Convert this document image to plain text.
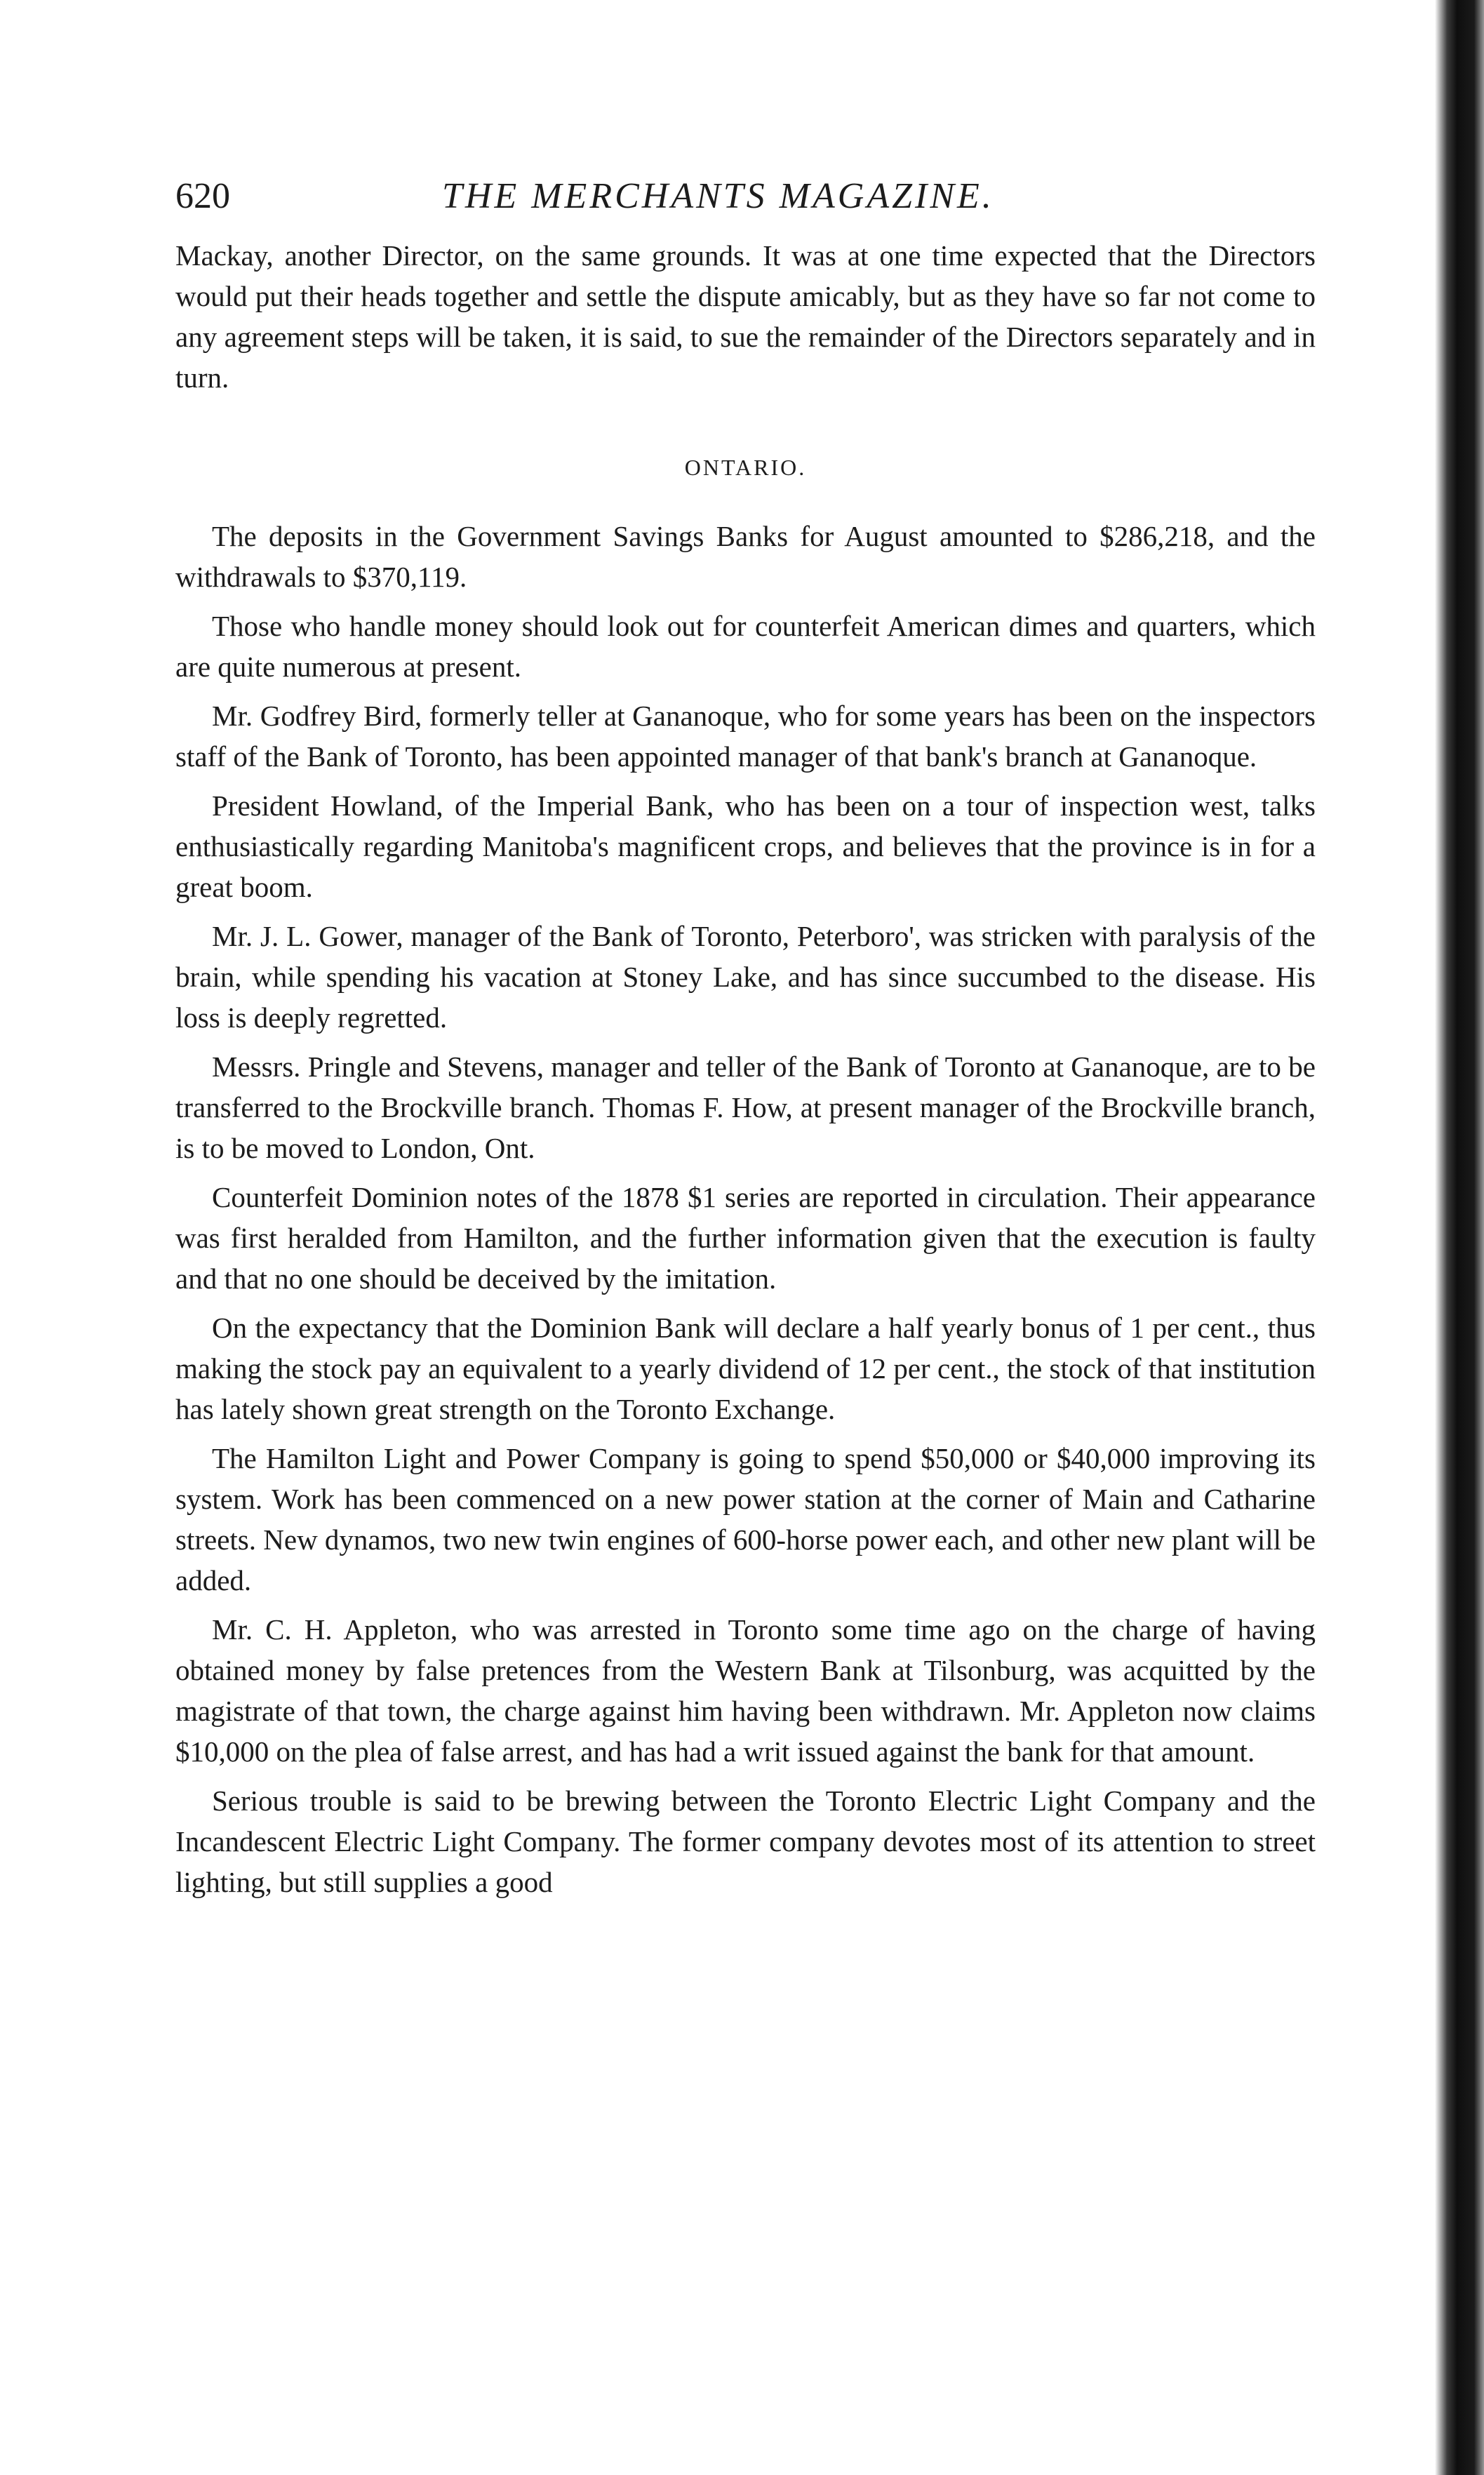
620	THE MERCHANTS MAGAZINE.

Mackay, another Director, on the same grounds. It was at one time expected that the Directors would put their heads together and settle the dispute amicably, but as they have so far not come to any agreement steps will be taken, it is said, to sue the remainder of the Directors separately and in turn.

ONTARIO.

The deposits in the Government Savings Banks for August amounted to $286,218, and the withdrawals to $370,119.

Those who handle money should look out for counterfeit American dimes and quarters, which are quite numerous at present.

Mr. Godfrey Bird, formerly teller at Gananoque, who for some years has been on the inspectors staff of the Bank of Toronto, has been appointed manager of that bank's branch at Gananoque.

President Howland, of the Imperial Bank, who has been on a tour of inspection west, talks enthusiastically regarding Manitoba's magnificent crops, and believes that the province is in for a great boom.

Mr. J. L. Gower, manager of the Bank of Toronto, Peterboro', was stricken with paralysis of the brain, while spending his vacation at Stoney Lake, and has since succumbed to the disease. His loss is deeply regretted.

Messrs. Pringle and Stevens, manager and teller of the Bank of Toronto at Gananoque, are to be transferred to the Brockville branch. Thomas F. How, at present manager of the Brockville branch, is to be moved to London, Ont.

Counterfeit Dominion notes of the 1878 $1 series are reported in circulation. Their appearance was first heralded from Hamilton, and the further information given that the execution is faulty and that no one should be deceived by the imitation.

On the expectancy that the Dominion Bank will declare a half yearly bonus of 1 per cent., thus making the stock pay an equivalent to a yearly dividend of 12 per cent., the stock of that institution has lately shown great strength on the Toronto Exchange.

The Hamilton Light and Power Company is going to spend $50,000 or $40,000 improving its system. Work has been commenced on a new power station at the corner of Main and Catharine streets. New dynamos, two new twin engines of 600-horse power each, and other new plant will be added.

Mr. C. H. Appleton, who was arrested in Toronto some time ago on the charge of having obtained money by false pretences from the Western Bank at Tilsonburg, was acquitted by the magistrate of that town, the charge against him having been withdrawn. Mr. Appleton now claims $10,000 on the plea of false arrest, and has had a writ issued against the bank for that amount.

Serious trouble is said to be brewing between the Toronto Electric Light Company and the Incandescent Electric Light Company. The former company devotes most of its attention to street lighting, but still supplies a good
